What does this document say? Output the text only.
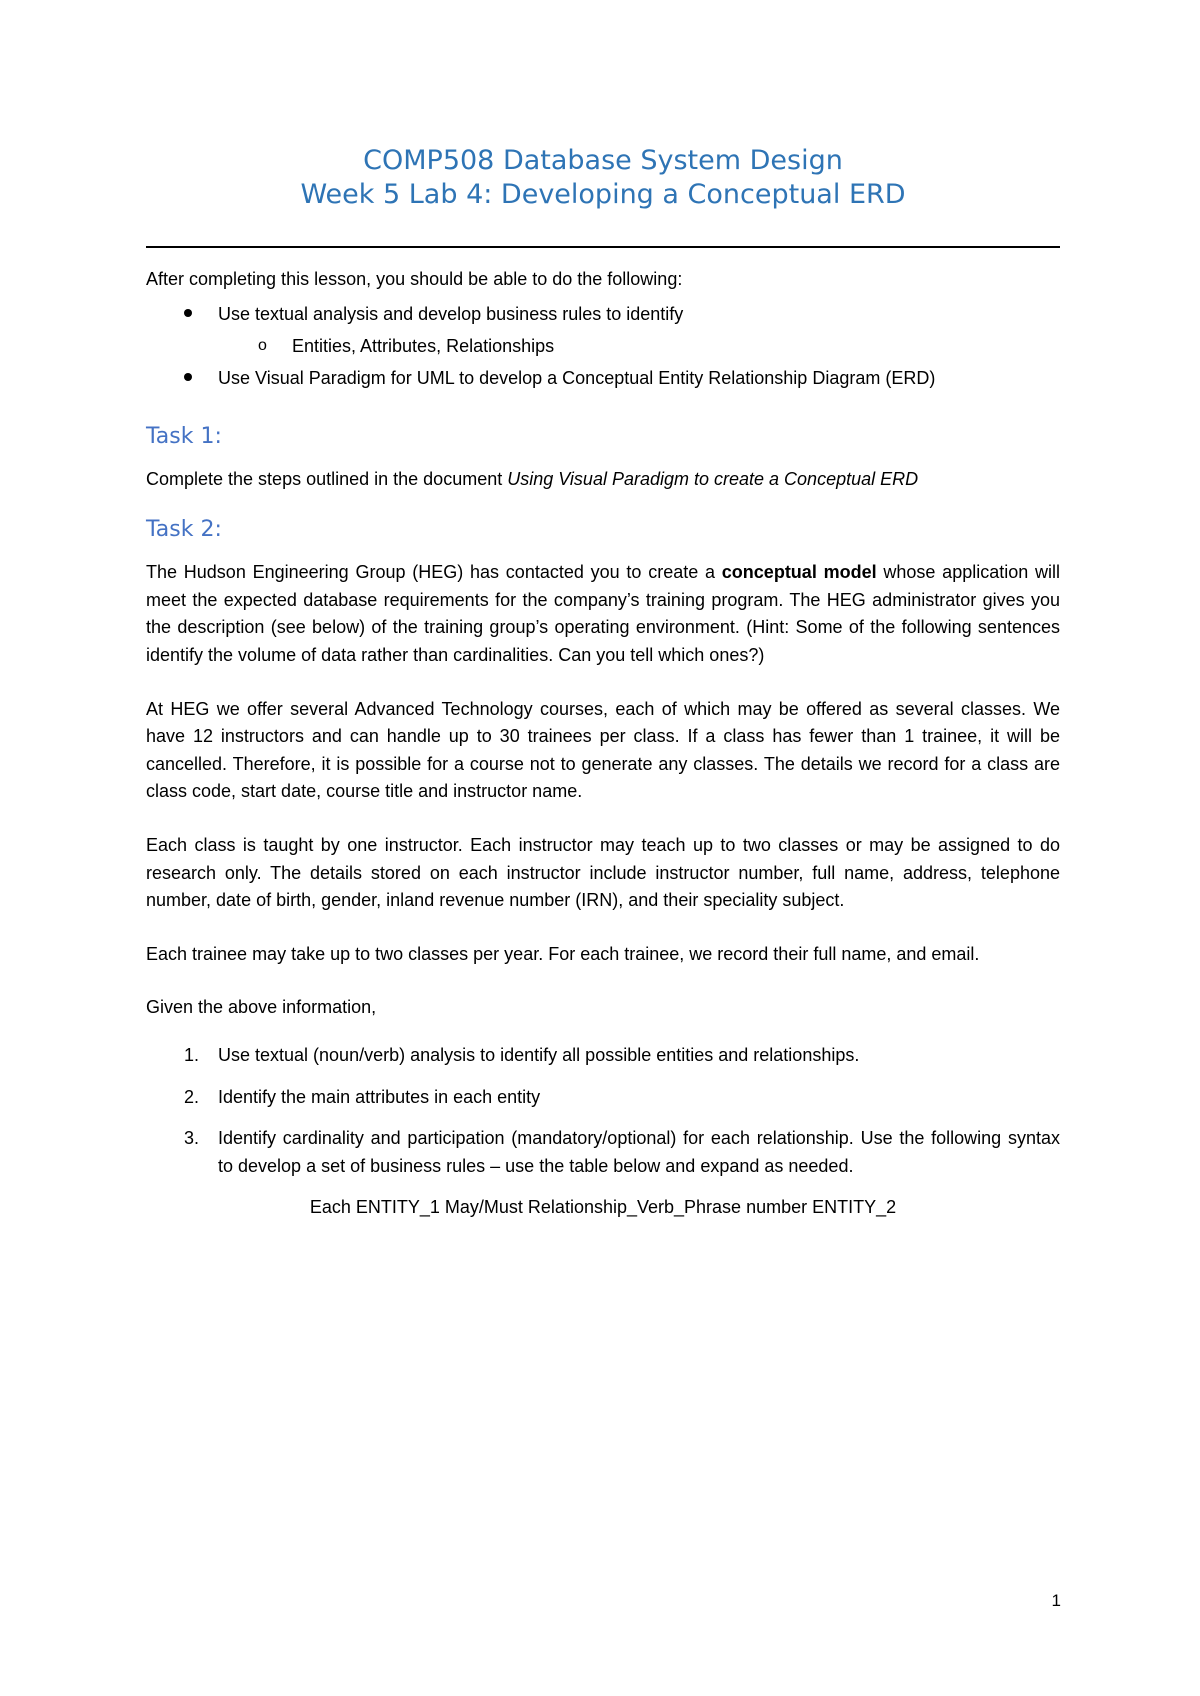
COMP508 Database System Design
Week 5 Lab 4: Developing a Conceptual ERD

After completing this lesson, you should be able to do the following:

Use textual analysis and develop business rules to identify
o Entities, Attributes, Relationships
Use Visual Paradigm for UML to develop a Conceptual Entity Relationship Diagram (ERD)
Task 1:

Complete the steps outlined in the document Using Visual Paradigm to create a Conceptual ERD

Task 2:

The Hudson Engineering Group (HEG) has contacted you to create a conceptual model whose application will meet the expected database requirements for the company’s training program. The HEG administrator gives you the description (see below) of the training group’s operating environment. (Hint: Some of the following sentences identify the volume of data rather than cardinalities. Can you tell which ones?)

At HEG we offer several Advanced Technology courses, each of which may be offered as several classes. We have 12 instructors and can handle up to 30 trainees per class. If a class has fewer than 1 trainee, it will be cancelled. Therefore, it is possible for a course not to generate any classes. The details we record for a class are class code, start date, course title and instructor name.

Each class is taught by one instructor. Each instructor may teach up to two classes or may be assigned to do research only. The details stored on each instructor include instructor number, full name, address, telephone number, date of birth, gender, inland revenue number (IRN), and their speciality subject.

Each trainee may take up to two classes per year. For each trainee, we record their full name, and email.

Given the above information,

1. Use textual (noun/verb) analysis to identify all possible entities and relationships.
2. Identify the main attributes in each entity
3. Identify cardinality and participation (mandatory/optional) for each relationship. Use the following syntax to develop a set of business rules – use the table below and expand as needed.

Each ENTITY_1 May/Must Relationship_Verb_Phrase number ENTITY_2

1
